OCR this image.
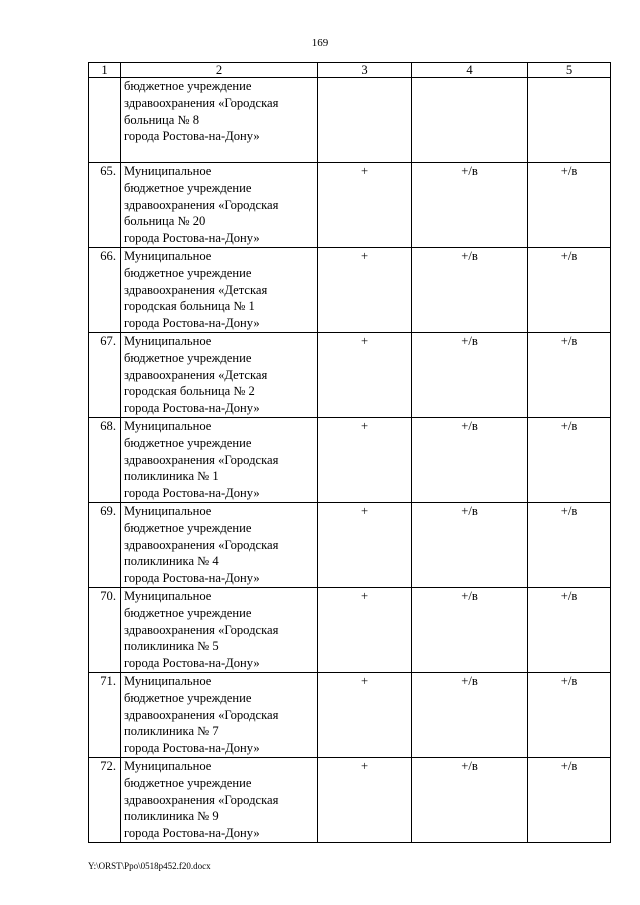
169
1	2	3	4	5

	бюджетное учреждение
здравоохранения «Городская
больница № 8
города Ростова-на-Дону»			

65.	Муниципальное
бюджетное учреждение
здравоохранения «Городская
больница № 20
города Ростова-на-Дону»	+	+/в	+/в
66.	Муниципальное
бюджетное учреждение
здравоохранения «Детская
городская больница № 1
города Ростова-на-Дону»	+	+/в	+/в
67.	Муниципальное
бюджетное учреждение
здравоохранения «Детская
городская больница № 2
города Ростова-на-Дону»	+	+/в	+/в
68.	Муниципальное
бюджетное учреждение
здравоохранения «Городская
поликлиника № 1
города Ростова-на-Дону»	+	+/в	+/в
69.	Муниципальное
бюджетное учреждение
здравоохранения «Городская
поликлиника № 4
города Ростова-на-Дону»	+	+/в	+/в
70.	Муниципальное
бюджетное учреждение
здравоохранения «Городская
поликлиника № 5
города Ростова-на-Дону»	+	+/в	+/в
71.	Муниципальное
бюджетное учреждение
здравоохранения «Городская
поликлиника № 7
города Ростова-на-Дону»	+	+/в	+/в
72.	Муниципальное
бюджетное учреждение
здравоохранения «Городская
поликлиника № 9
города Ростова-на-Дону»	+	+/в	+/в
Y:\ORST\Ppo\0518p452.f20.docx
